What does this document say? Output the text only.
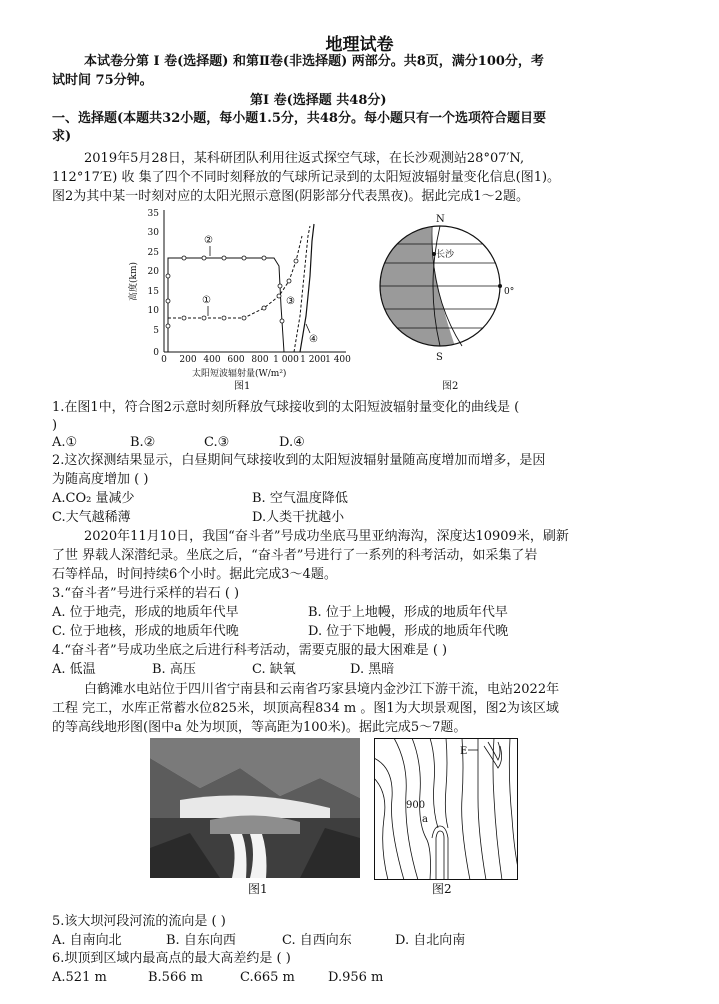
地理试卷
本试卷分第 Ⅰ 卷(选择题) 和第Ⅱ卷(非选择题) 两部分。共8页，满分100分，考
试时间 75分钟。
第Ⅰ 卷(选择题 共48分)
一、选择题(本题共32小题，每小题1.5分，共48分。每小题只有一个选项符合题目要
求)
2019年5月28日，某科研团队利用往返式探空气球，在长沙观测站28°07′N,
112°17′E) 收 集了四个不同时刻释放的气球所记录到的太阳短波辐射量变化信息(图1)。
图2为其中某一时刻对应的太阳光照示意图(阴影部分代表黑夜)。据此完成1～2题。
35
30
25
20
15
10
5
0
高度(km)
0 200 400 600 800 1 000 1 200 1 400
太阳短波辐射量(W/m²)
图1
①
②
③
④
N
S
长沙
0°
图2
1.在图1中，符合图2示意时刻所释放气球接收到的太阳短波辐射量变化的曲线是 (
)
A.①	B.②	C.③	D.④
2.这次探测结果显示，白昼期间气球接收到的太阳短波辐射量随高度增加而增多，是因
为随高度增加 ( )
A.CO₂ 量减少	B. 空气温度降低
C.大气越稀薄	D.人类干扰越小
2020年11月10日，我国“奋斗者”号成功坐底马里亚纳海沟，深度达10909米，刷新
了世 界载人深潜纪录。坐底之后，“奋斗者”号进行了一系列的科考活动，如采集了岩
石等样品，时间持续6个小时。据此完成3～4题。
3.“奋斗者”号进行采样的岩石 ( )
A. 位于地壳，形成的地质年代早	B. 位于上地幔，形成的地质年代早
C. 位于地核，形成的地质年代晚	D. 位于下地幔，形成的地质年代晚
4.“奋斗者”号成功坐底之后进行科考活动，需要克服的最大困难是 ( )
A. 低温	B. 高压	C. 缺氧	D. 黑暗
白鹤滩水电站位于四川省宁南县和云南省巧家县境内金沙江下游干流，电站2022年
工程 完工，水库正常蓄水位825米，坝顶高程834 m 。图1为大坝景观图，图2为该区域
的等高线地形图(图中a 处为坝顶，等高距为100米)。据此完成5～7题。
图1
E
900
a
图2
5.该大坝河段河流的流向是 ( )
A. 自南向北	B. 自东向西	C. 自西向东	D. 自北向南
6.坝顶到区域内最高点的最大高差约是 ( )
A.521 m	B.566 m	C.665 m	D.956 m
